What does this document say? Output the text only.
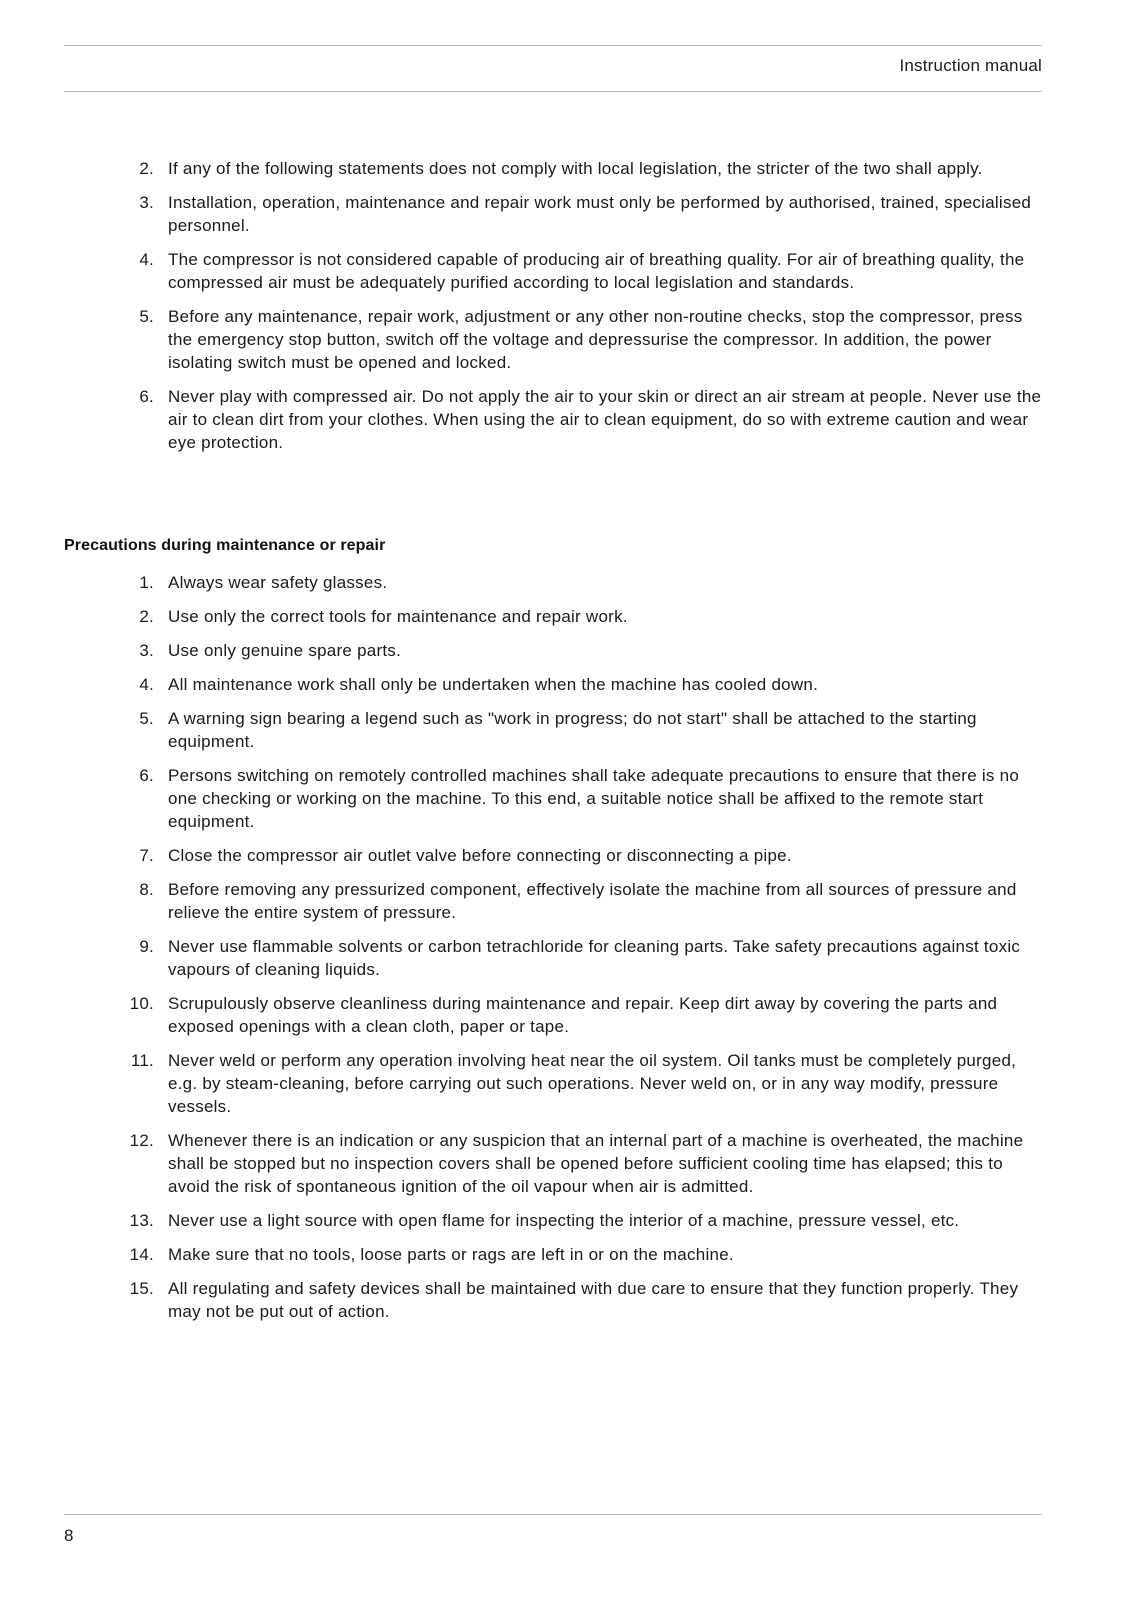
Instruction manual
2. If any of the following statements does not comply with local legislation, the stricter of the two shall apply.
3. Installation, operation, maintenance and repair work must only be performed by authorised, trained, specialised personnel.
4. The compressor is not considered capable of producing air of breathing quality. For air of breathing quality, the compressed air must be adequately purified according to local legislation and standards.
5. Before any maintenance, repair work, adjustment or any other non-routine checks, stop the compressor, press the emergency stop button, switch off the voltage and depressurise the compressor. In addition, the power isolating switch must be opened and locked.
6. Never play with compressed air. Do not apply the air to your skin or direct an air stream at people. Never use the air to clean dirt from your clothes. When using the air to clean equipment, do so with extreme caution and wear eye protection.
Precautions during maintenance or repair
1. Always wear safety glasses.
2. Use only the correct tools for maintenance and repair work.
3. Use only genuine spare parts.
4. All maintenance work shall only be undertaken when the machine has cooled down.
5. A warning sign bearing a legend such as "work in progress; do not start" shall be attached to the starting equipment.
6. Persons switching on remotely controlled machines shall take adequate precautions to ensure that there is no one checking or working on the machine. To this end, a suitable notice shall be affixed to the remote start equipment.
7. Close the compressor air outlet valve before connecting or disconnecting a pipe.
8. Before removing any pressurized component, effectively isolate the machine from all sources of pressure and relieve the entire system of pressure.
9. Never use flammable solvents or carbon tetrachloride for cleaning parts. Take safety precautions against toxic vapours of cleaning liquids.
10. Scrupulously observe cleanliness during maintenance and repair. Keep dirt away by covering the parts and exposed openings with a clean cloth, paper or tape.
11. Never weld or perform any operation involving heat near the oil system. Oil tanks must be completely purged, e.g. by steam-cleaning, before carrying out such operations. Never weld on, or in any way modify, pressure vessels.
12. Whenever there is an indication or any suspicion that an internal part of a machine is overheated, the machine shall be stopped but no inspection covers shall be opened before sufficient cooling time has elapsed; this to avoid the risk of spontaneous ignition of the oil vapour when air is admitted.
13. Never use a light source with open flame for inspecting the interior of a machine, pressure vessel, etc.
14. Make sure that no tools, loose parts or rags are left in or on the machine.
15. All regulating and safety devices shall be maintained with due care to ensure that they function properly. They may not be put out of action.
8
